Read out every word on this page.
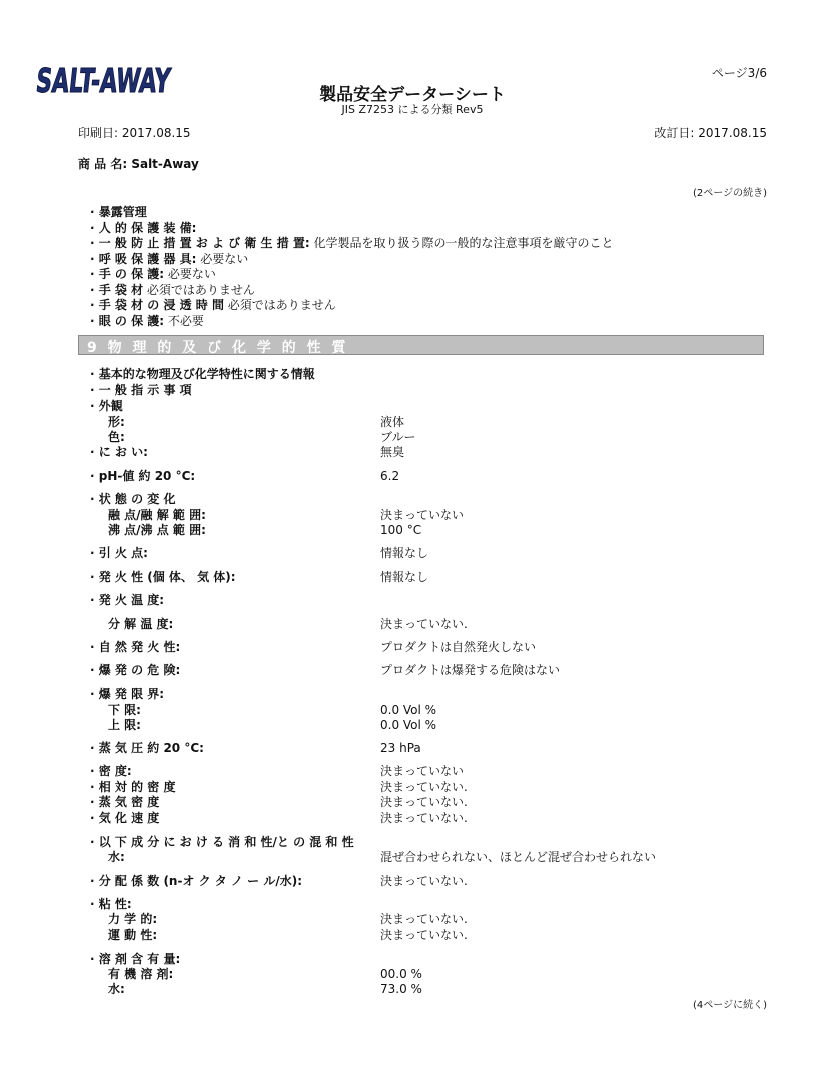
SALT-AWAY	ページ3/6
製品安全データーシート
JIS Z7253 による分類 Rev5
印刷日: 2017.08.15	改訂日: 2017.08.15
商 品 名: Salt-Away
(2ページの続き)
· 暴露管理
· 人 的 保 護 装 備:
· 一 般 防 止 措 置 お よ び 衛 生 措 置: 化学製品を取り扱う際の一般的な注意事項を厳守のこと
· 呼 吸 保 護 器 具: 必要ない
· 手 の 保 護: 必要ない
· 手 袋 材 必須ではありません
· 手 袋 材 の 浸 透 時 間 必須ではありません
· 眼 の 保 護: 不必要
9 物 理 的 及 び 化 学 的 性 質
· 基本的な物理及び化学特性に関する情報
· 一 般 指 示 事 項
· 外観
形:	液体
色:	ブルー
· に お い:	無臭
· pH-値 約 20 °C:	6.2
· 状 態 の 変 化
融 点/融 解 範 囲:	決まっていない
沸 点/沸 点 範 囲:	100 °C
· 引 火 点:	情報なし
· 発 火 性 (個 体、 気 体):	情報なし
· 発 火 温 度:
分 解 温 度:	決まっていない.
· 自 然 発 火 性:	プロダクトは自然発火しない
· 爆 発 の 危 険:	プロダクトは爆発する危険はない
· 爆 発 限 界:
下 限:	0.0 Vol %
上 限:	0.0 Vol %
· 蒸 気 圧 約 20 °C:	23 hPa
· 密 度:	決まっていない
· 相 対 的 密 度	決まっていない.
· 蒸 気 密 度	決まっていない.
· 気 化 速 度	決まっていない.
· 以 下 成 分 に お け る 消 和 性/と の 混 和 性
水:	混ぜ合わせられない、ほとんど混ぜ合わせられない
· 分 配 係 数 (n-オ ク タ ノ ー ル/水):	決まっていない.
· 粘 性:
力 学 的:	決まっていない.
運 動 性:	決まっていない.
· 溶 剤 含 有 量:
有 機 溶 剤:	00.0 %
水:	73.0 %
(4ページに続く)
